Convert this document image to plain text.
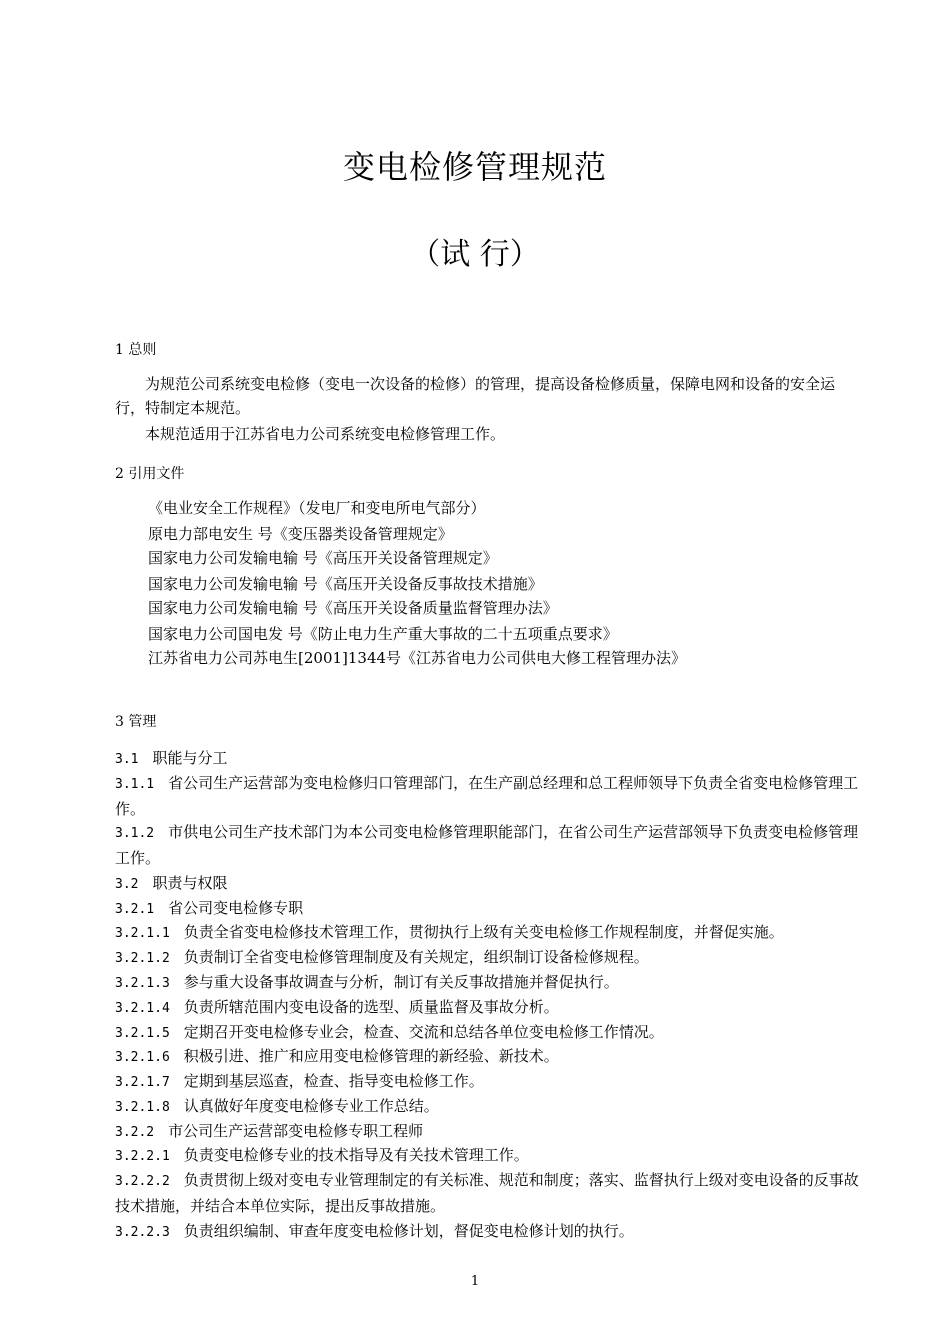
变电检修管理规范
（试 行）
1 总则
为规范公司系统变电检修（变电一次设备的检修）的管理，提高设备检修质量，保障电网和设备的安全运行，特制定本规范。
本规范适用于江苏省电力公司系统变电检修管理工作。
2 引用文件
《电业安全工作规程》（发电厂和变电所电气部分）
原电力部电安生 号《变压器类设备管理规定》
国家电力公司发输电输 号《高压开关设备管理规定》
国家电力公司发输电输 号《高压开关设备反事故技术措施》
国家电力公司发输电输 号《高压开关设备质量监督管理办法》
国家电力公司国电发 号《防止电力生产重大事故的二十五项重点要求》
江苏省电力公司苏电生[2001]1344号《江苏省电力公司供电大修工程管理办法》
3 管理
3.1 职能与分工
3.1.1 省公司生产运营部为变电检修归口管理部门，在生产副总经理和总工程师领导下负责全省变电检修管理工作。
3.1.2 市供电公司生产技术部门为本公司变电检修管理职能部门，在省公司生产运营部领导下负责变电检修管理工作。
3.2 职责与权限
3.2.1 省公司变电检修专职
3.2.1.1 负责全省变电检修技术管理工作，贯彻执行上级有关变电检修工作规程制度，并督促实施。
3.2.1.2 负责制订全省变电检修管理制度及有关规定，组织制订设备检修规程。
3.2.1.3 参与重大设备事故调查与分析，制订有关反事故措施并督促执行。
3.2.1.4 负责所辖范围内变电设备的选型、质量监督及事故分析。
3.2.1.5 定期召开变电检修专业会，检查、交流和总结各单位变电检修工作情况。
3.2.1.6 积极引进、推广和应用变电检修管理的新经验、新技术。
3.2.1.7 定期到基层巡查，检查、指导变电检修工作。
3.2.1.8 认真做好年度变电检修专业工作总结。
3.2.2 市公司生产运营部变电检修专职工程师
3.2.2.1 负责变电检修专业的技术指导及有关技术管理工作。
3.2.2.2 负责贯彻上级对变电专业管理制定的有关标准、规范和制度；落实、监督执行上级对变电设备的反事故技术措施，并结合本单位实际，提出反事故措施。
3.2.2.3 负责组织编制、审查年度变电检修计划，督促变电检修计划的执行。
1
